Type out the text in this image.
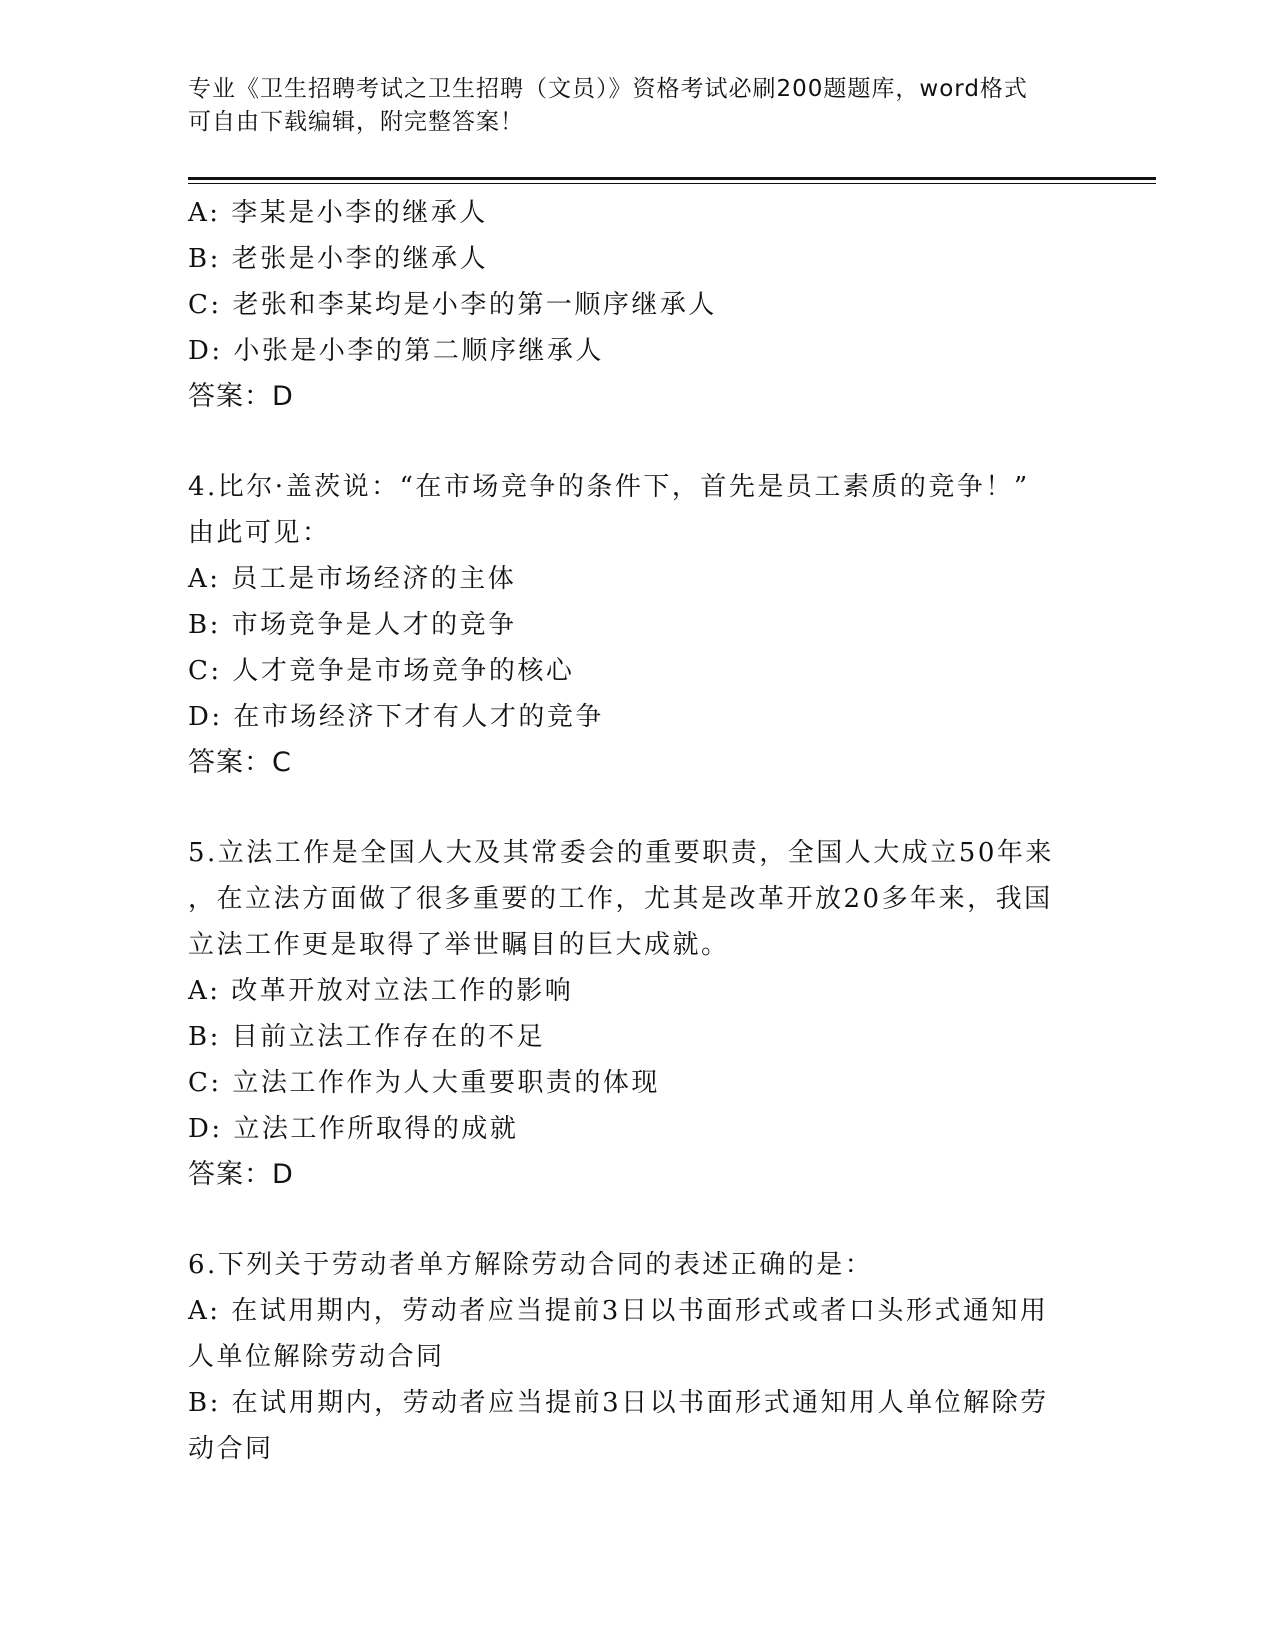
专业《卫生招聘考试之卫生招聘（文员）》资格考试必刷200题题库，word格式
可自由下载编辑，附完整答案！
A: 李某是小李的继承人
B: 老张是小李的继承人
C: 老张和李某均是小李的第一顺序继承人
D: 小张是小李的第二顺序继承人
答案：D
4.比尔·盖茨说：“在市场竞争的条件下，首先是员工素质的竞争！”
由此可见：
A: 员工是市场经济的主体
B: 市场竞争是人才的竞争
C: 人才竞争是市场竞争的核心
D: 在市场经济下才有人才的竞争
答案：C
5.立法工作是全国人大及其常委会的重要职责，全国人大成立50年来
，在立法方面做了很多重要的工作，尤其是改革开放20多年来，我国
立法工作更是取得了举世瞩目的巨大成就。
A: 改革开放对立法工作的影响
B: 目前立法工作存在的不足
C: 立法工作作为人大重要职责的体现
D: 立法工作所取得的成就
答案：D
6.下列关于劳动者单方解除劳动合同的表述正确的是：
A: 在试用期内，劳动者应当提前3日以书面形式或者口头形式通知用
人单位解除劳动合同
B: 在试用期内，劳动者应当提前3日以书面形式通知用人单位解除劳
动合同
